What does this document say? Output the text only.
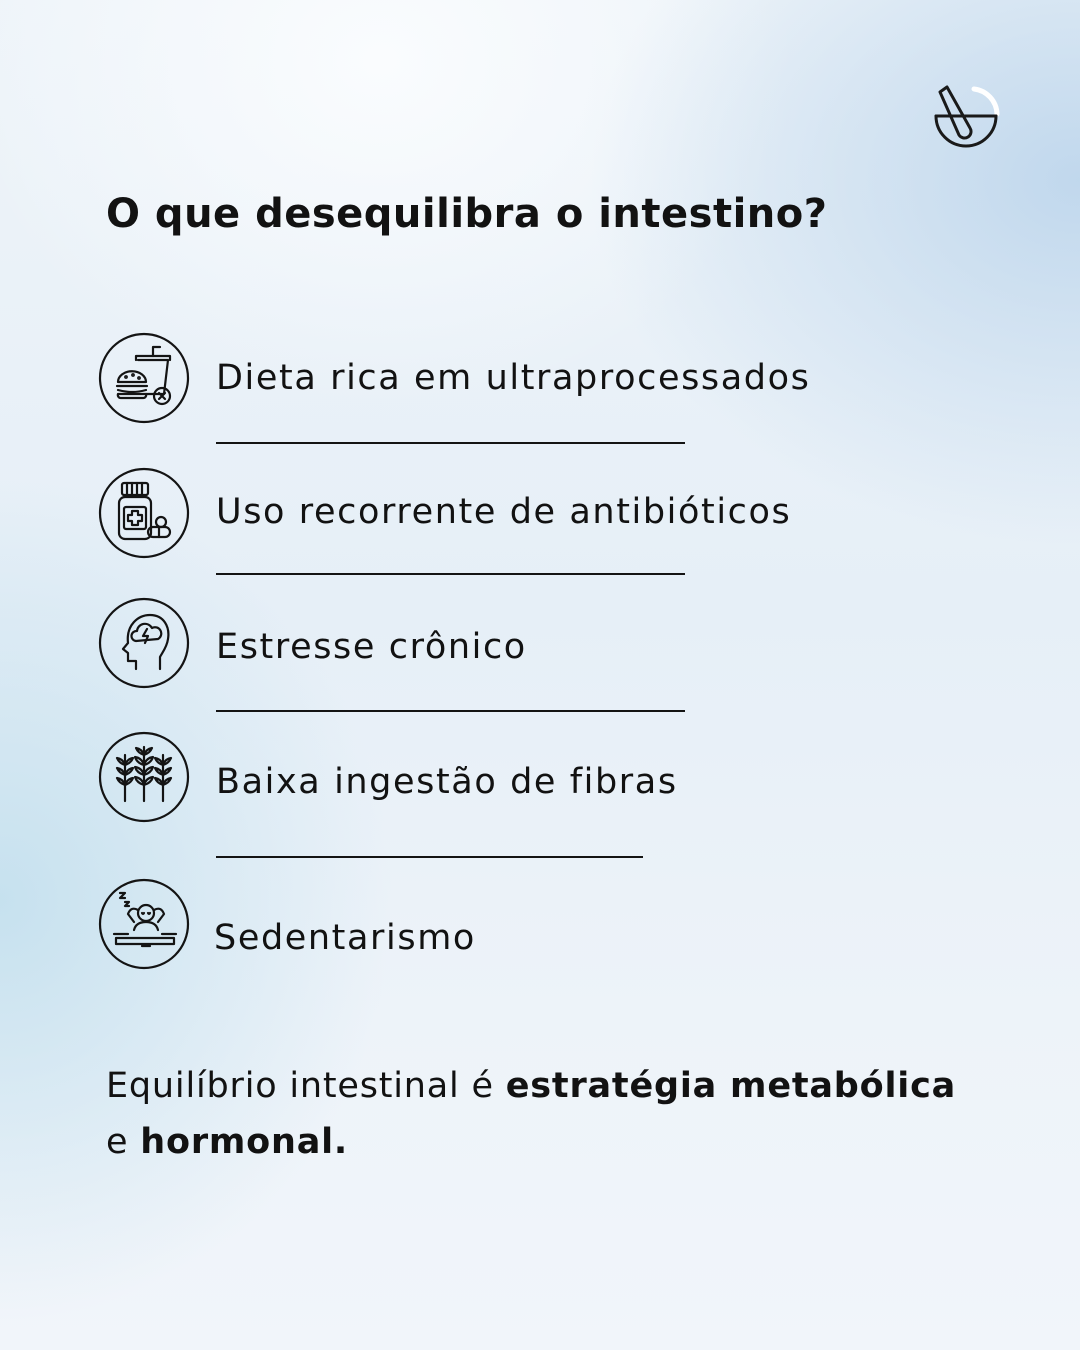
O que desequilibra o intestino?

Dieta rica em ultraprocessados

Uso recorrente de antibióticos

Estresse crônico

Baixa ingestão de fibras

Sedentarismo

Equilíbrio intestinal é estratégia metabólica
e hormonal.
